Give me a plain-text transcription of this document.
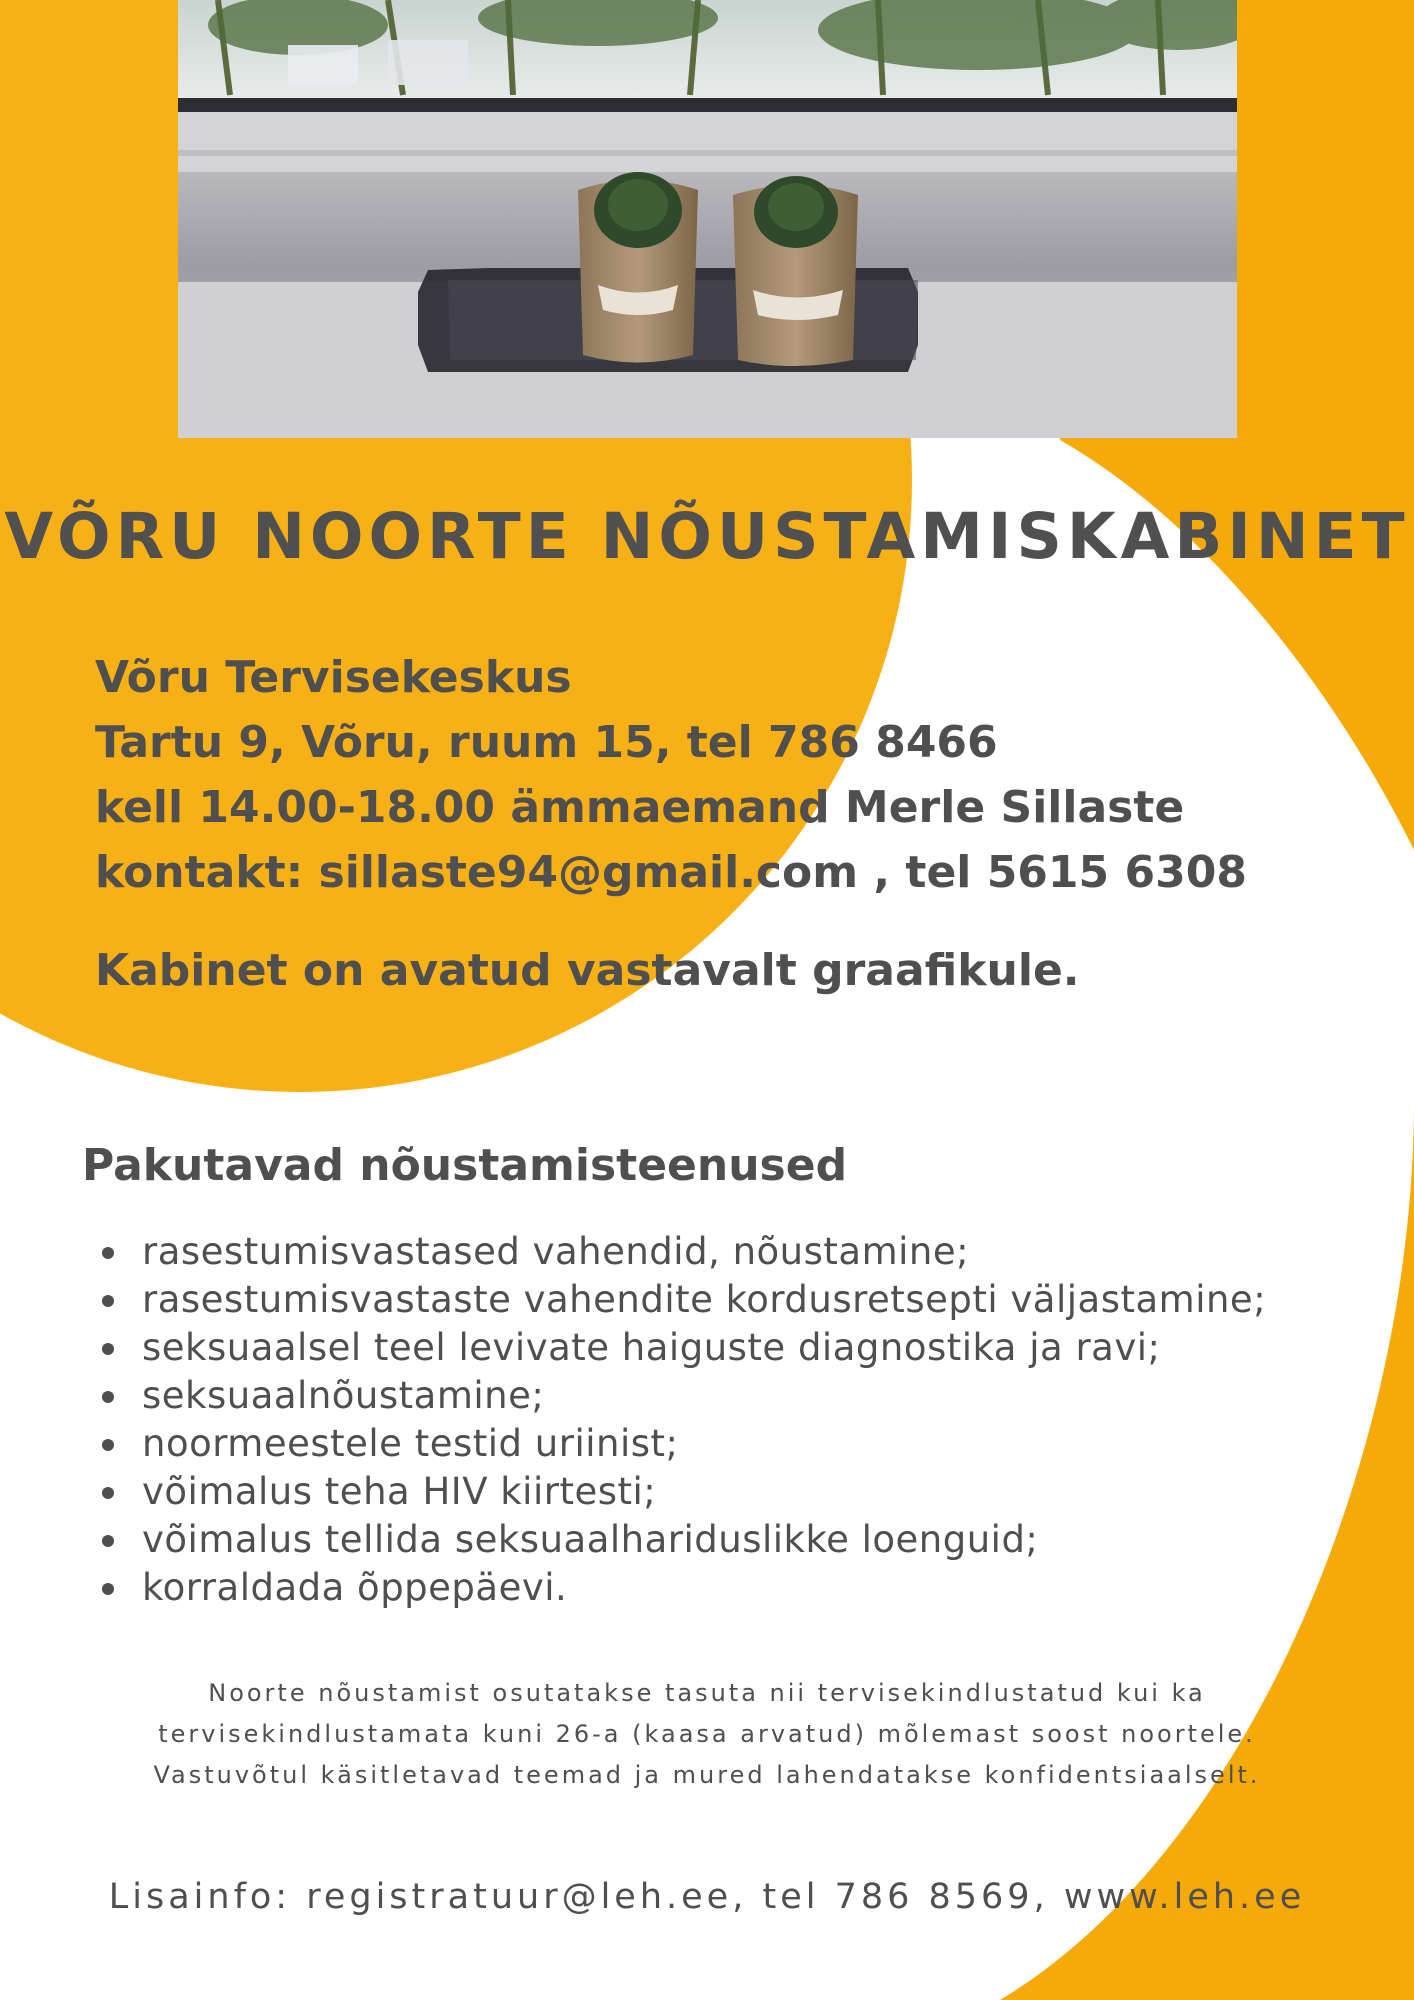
VÕRU NOORTE NÕUSTAMISKABINET
Võru Tervisekeskus
Tartu 9, Võru, ruum 15, tel 786 8466
kell 14.00-18.00 ämmaemand Merle Sillaste
kontakt: sillaste94@gmail.com , tel 5615 6308
Kabinet on avatud vastavalt graafikule.
Pakutavad nõustamisteenused
rasestumisvastased vahendid, nõustamine;
rasestumisvastaste vahendite kordusretsepti väljastamine;
seksuaalsel teel levivate haiguste diagnostika ja ravi;
seksuaalnõustamine;
noormeestele testid uriinist;
võimalus teha HIV kiirtesti;
võimalus tellida seksuaalhariduslikke loenguid;
korraldada õppepäevi.
Noorte nõustamist osutatakse tasuta nii tervisekindlustatud kui ka
tervisekindlustamata kuni 26-a (kaasa arvatud) mõlemast soost noortele.
Vastuvõtul käsitletavad teemad ja mured lahendatakse konfidentsiaalselt.
Lisainfo: registratuur@leh.ee, tel 786 8569, www.leh.ee
